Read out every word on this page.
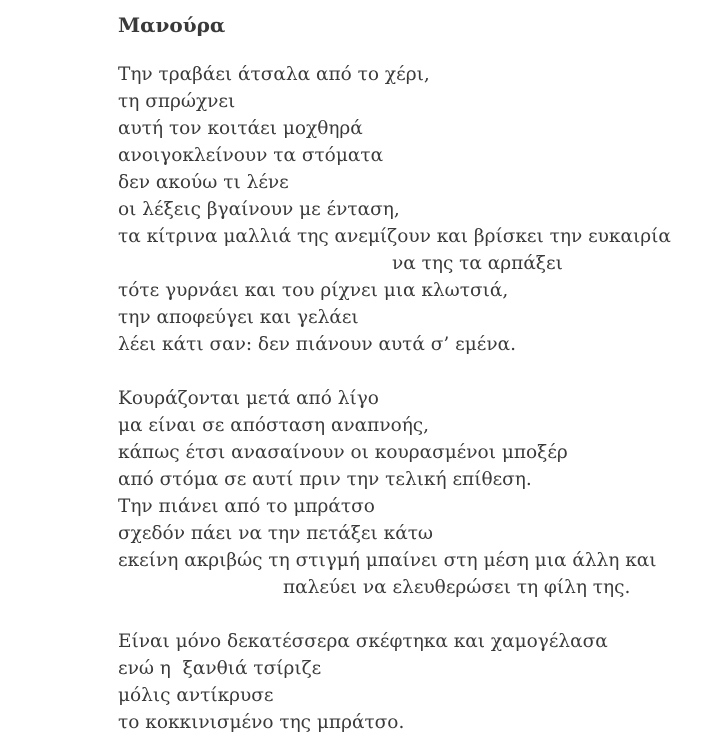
Μανούρα
Την τραβάει άτσαλα από το χέρι,
τη σπρώχνει
αυτή τον κοιτάει μοχθηρά
ανοιγοκλείνουν τα στόματα
δεν ακούω τι λένε
οι λέξεις βγαίνουν με ένταση,
τα κίτρινα μαλλιά της ανεμίζουν και βρίσκει την ευκαιρία
να της τα αρπάξει
τότε γυρνάει και του ρίχνει μια κλωτσιά,
την αποφεύγει και γελάει
λέει κάτι σαν: δεν πιάνουν αυτά σ’ εμένα.
Κουράζονται μετά από λίγο
μα είναι σε απόσταση αναπνοής,
κάπως έτσι ανασαίνουν οι κουρασμένοι μποξέρ
από στόμα σε αυτί πριν την τελική επίθεση.
Την πιάνει από το μπράτσο
σχεδόν πάει να την πετάξει κάτω
εκείνη ακριβώς τη στιγμή μπαίνει στη μέση μια άλλη και
παλεύει να ελευθερώσει τη φίλη της.
Είναι μόνο δεκατέσσερα σκέφτηκα και χαμογέλασα
ενώ η  ξανθιά τσίριζε
μόλις αντίκρυσε
το κοκκινισμένο της μπράτσο.
